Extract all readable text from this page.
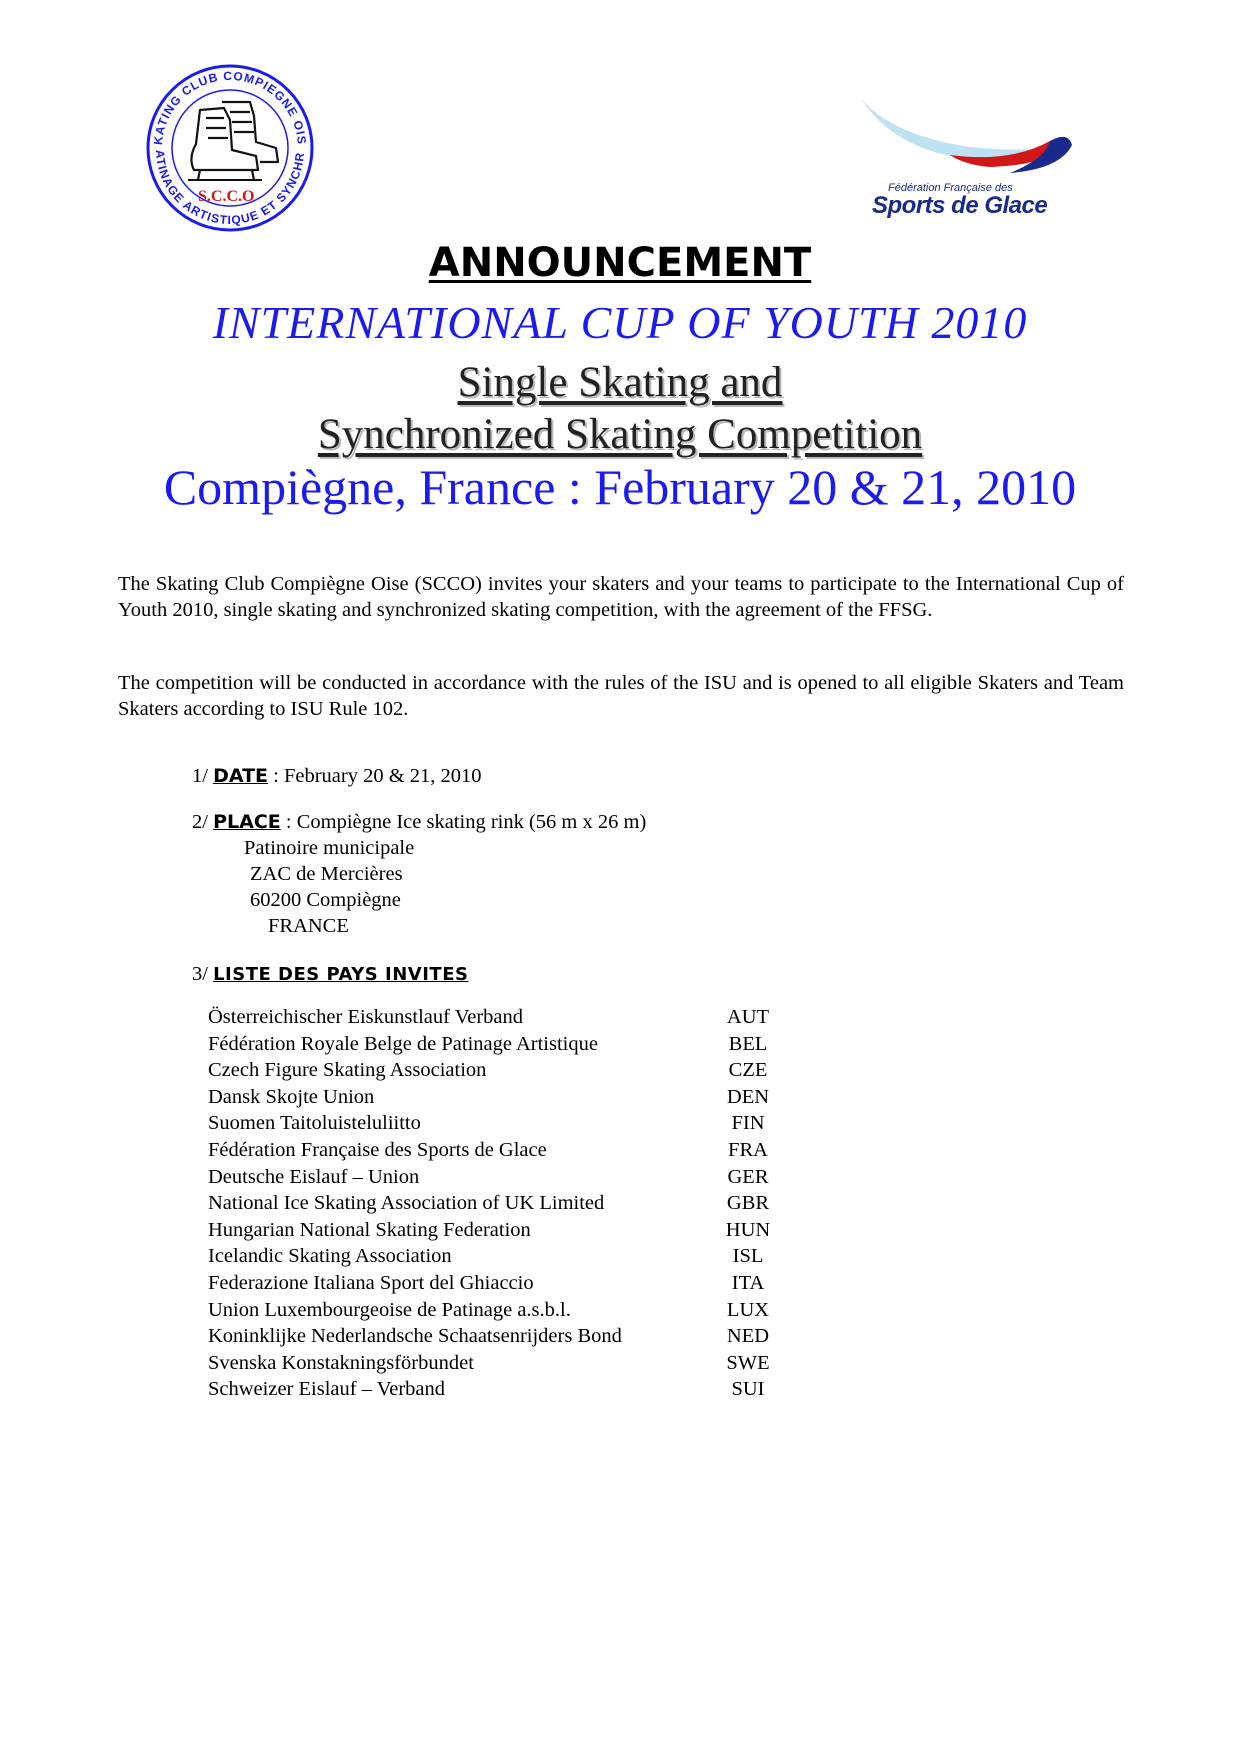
KATING CLUB COMPIEGNE OIS
ATINAGE ARTISTIQUE ET SYNCHR
S.C.C.O	Fédération Française des
Sports de Glace
ANNOUNCEMENT
INTERNATIONAL CUP OF YOUTH 2010
Single Skating and
Synchronized Skating Competition
Compiègne, France : February 20 & 21, 2010
The Skating Club Compiègne Oise (SCCO) invites your skaters and your teams to participate to the International Cup of Youth 2010, single skating and synchronized skating competition, with the agreement of the FFSG.
The competition will be conducted in accordance with the rules of the ISU and is opened to all eligible Skaters and Team Skaters according to ISU Rule 102.
1/ DATE : February 20 & 21, 2010
2/ PLACE : Compiègne Ice skating rink (56 m x 26 m)
Patinoire municipale
ZAC de Mercières
60200 Compiègne
FRANCE
3/ LISTE DES PAYS INVITES
Österreichischer Eiskunstlauf Verband	AUT
Fédération Royale Belge de Patinage Artistique	BEL
Czech Figure Skating Association	CZE
Dansk Skojte Union	DEN
Suomen Taitoluisteluliitto	FIN
Fédération Française des Sports de Glace	FRA
Deutsche Eislauf – Union	GER
National Ice Skating Association of UK Limited	GBR
Hungarian National Skating Federation	HUN
Icelandic Skating Association	ISL
Federazione Italiana Sport del Ghiaccio	ITA
Union Luxembourgeoise de Patinage a.s.b.l.	LUX
Koninklijke Nederlandsche Schaatsenrijders Bond	NED
Svenska Konstakningsförbundet	SWE
Schweizer Eislauf – Verband	SUI
